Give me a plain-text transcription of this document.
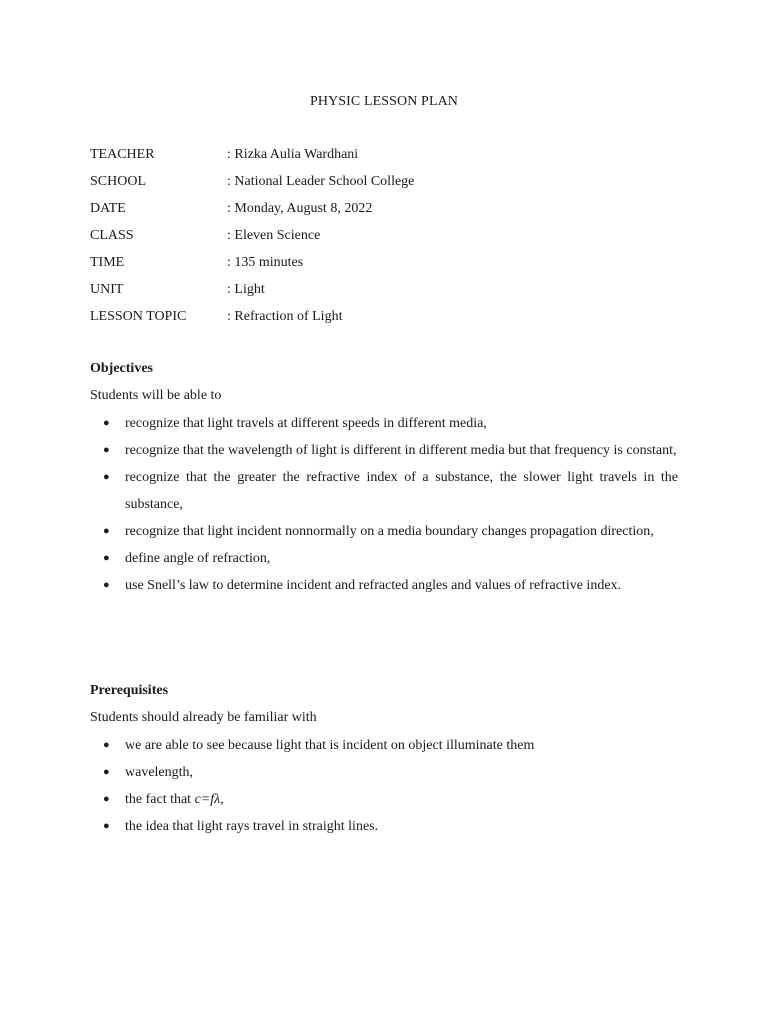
PHYSIC LESSON PLAN
TEACHER	: Rizka Aulia Wardhani
SCHOOL	: National Leader School College
DATE	: Monday, August 8, 2022
CLASS	: Eleven Science
TIME	: 135 minutes
UNIT	: Light
LESSON TOPIC	: Refraction of Light
Objectives
Students will be able to
● recognize that light travels at different speeds in different media,
● recognize that the wavelength of light is different in different media but that frequency is constant,
● recognize that the greater the refractive index of a substance, the slower light travels in the substance,
● recognize that light incident nonnormally on a media boundary changes propagation direction,
● define angle of refraction,
● use Snell’s law to determine incident and refracted angles and values of refractive index.
Prerequisites
Students should already be familiar with
● we are able to see because light that is incident on object illuminate them
● wavelength,
● the fact that c=fλ,
● the idea that light rays travel in straight lines.
